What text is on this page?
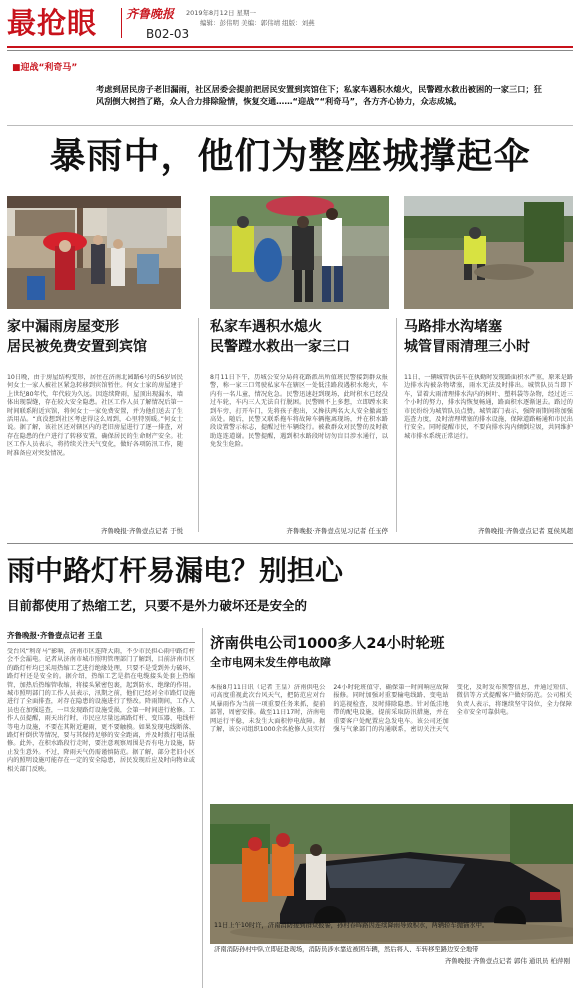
最抢眼 齐鲁晚报 2019年8月12日 星期一
编辑：彭伟明 美编：郭伟靖 组版：刘燕
B02-03
■迎战“利奇马”
考虑到居民房子老旧漏雨，社区居委会提前把居民安置到宾馆住下；私家车遇积水熄火，民警蹚水救出被困的一家三口；狂风刮倒大树挡了路，众人合力排除险情，恢复交通……“迎战”“利奇马”，各方齐心协力，众志成城。
暴雨中，他们为整座城撑起伞
家中漏雨房屋变形
居民被免费安置到宾馆
10日晚，由于房屋结构变形，居住在济南北园路6号的56岁居民何女士一家人被社区紧急转移到宾馆暂住。何女士家的房屋建于上世纪80年代，年代较为久远。因连续降雨，屋顶出现漏水，墙体出现裂缝，存在较大安全隐患。社区工作人员了解情况后第一时间联系附近宾馆，将何女士一家免费安置，并为他们送去了生活用品。“真没想到社区考虑得这么周到，心里特别暖。”何女士说。据了解，该社区还对辖区内的老旧房屋进行了逐一排查，对存在隐患的住户进行了转移安置，确保居民的生命财产安全。社区工作人员表示，将持续关注天气变化，做好各项防汛工作，随时准备应对突发情况。
齐鲁晚报·齐鲁壹点记者 于悦
私家车遇积水熄火
民警蹚水救出一家三口
8月11日下午，历城公安分局荷花路派出所值班民警接到群众报警，称一家三口驾驶私家车在辖区一处低洼路段遇积水熄火，车内有一名儿童，情况危急。民警迅速赶到现场，此时积水已经没过车轮，车内三人无法自行脱困。民警顾不上多想，立即蹚水来到车旁，打开车门，先将孩子抱出，又搀扶两名大人安全撤离至高处。随后，民警又联系拖车将故障车辆拖离现场，并在积水路段设置警示标志，提醒过往车辆绕行。被救群众对民警的及时救助连连道谢。民警提醒，遇到积水路段时切勿盲目涉水通行，以免发生危险。
齐鲁晚报·齐鲁壹点见习记者 任玉停
马路排水沟堵塞
城管冒雨清理三小时
11日，一辆城管执法车在执勤时发现路面积水严重，原来是路边排水沟被杂物堵塞，雨水无法及时排出。城管队员当即下车，冒着大雨清理排水沟内的树叶、塑料袋等杂物，经过近三个小时的努力，排水沟恢复畅通，路面积水逐渐退去。路过的市民纷纷为城管队员点赞。城管部门表示，强降雨期间将加强巡查力度，及时清理堵塞的排水设施，保障道路畅通和市民出行安全。同时提醒市民，不要向排水沟内倾倒垃圾，共同维护城市排水系统正常运行。
齐鲁晚报·齐鲁壹点记者 夏侯凤超
雨中路灯杆易漏电？别担心
目前都使用了热缩工艺，只要不是外力破坏还是安全的
齐鲁晚报·齐鲁壹点记者 王皇
受台风“利奇马”影响，济南市区连降大雨，不少市民担心雨中路灯杆会不会漏电。记者从济南市城市照明管理部门了解到，目前济南市区的路灯杆均已采用热缩工艺进行绝缘处理，只要不是受到外力破坏，路灯杆还是安全的。据介绍，热缩工艺是指在电缆接头处套上热缩管，加热后热缩管收缩，将接头紧密包裹，起到防水、绝缘的作用。城市照明部门的工作人员表示，汛期之前，他们已经对全市路灯设施进行了全面排查，对存在隐患的设施进行了整改。降雨期间，工作人员也在加强巡查，一旦发现路灯设施受损，会第一时间进行抢修。工作人员提醒，雨天出行时，市民应尽量远离路灯杆、变压器、电线杆等电力设施，不要在其附近避雨，更不要触摸。如果发现电线断落、路灯杆倒伏等情况，要与其保持足够的安全距离，并及时拨打电话报修。此外，在积水路段行走时，要注意观察周围是否有电力设施，防止发生意外。不过，降雨天气仍需谨慎防范。据了解，部分老旧小区内的照明设施可能存在一定的安全隐患，居民发现后应及时向物业或相关部门反映。
济南供电公司1000多人24小时轮班
全市电网未发生停电故障
本报8月11日讯（记者 王皇）济南供电公司高度重视此次台风天气，把防范应对台风暴雨作为当前一项重要任务来抓，提前部署，周密安排。截至11日17时，济南电网运行平稳，未发生大面积停电故障。据了解，该公司组织1000余名抢修人员实行24小时轮班值守，确保第一时间响应故障报修。同时加强对重要输电线路、变电站的巡视检查，及时排除隐患。针对低洼地带的配电设施，提前采取防汛措施，并在重要客户处配置应急发电车。该公司还加强与气象部门的沟通联系，密切关注天气变化，及时发布预警信息，并通过短信、微信等方式提醒客户做好防范。公司相关负责人表示，将继续坚守岗位，全力保障全市安全可靠供电。
11日上午10时许，济南消防接到群众报警，孙村春晖路因连续降雨导致积水，两辆轿车抛锚水中。
济南消防孙村中队立即赶赴现场，消防员涉水靠近被困车辆，然后将人、车转移至路边安全地带
齐鲁晚报·齐鲁壹点记者 郭伟 通讯员 柏萍刚
